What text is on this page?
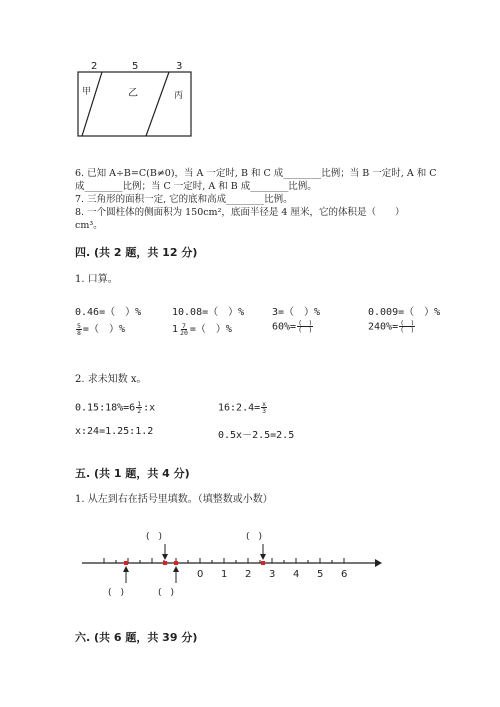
2	5	3
甲	乙	丙
6. 已知 A÷B=C(B≠0)，当 A 一定时, B 和 C 成________比例；当 B 一定时, A 和 C
成________比例；当 C 一定时, A 和 B 成________比例。
7. 三角形的面积一定, 它的底和高成________比例。
8. 一个圆柱体的侧面积为 150cm²，底面半径是 4 厘米，它的体积是（　　）
cm³。
四. (共 2 题，共 12 分)
1. 口算。
0.46=（　）%	10.08=（　）%	3=（　）%	0.009=（　）%
$\frac{5}{8}$ =（　）%	$1 \frac{7}{20}$ =（　）%	$60\%= \frac{( )}{( )}$	$240\%= \frac{( )}{( )}$
2. 求未知数 x。
0.15:18%=6 $\frac{1}{2}$ :x	16:2.4= $\frac{x}{3}$
x:24=1.25:1.2	0.5x－2.5=2.5
五. (共 1 题，共 4 分)
1. 从左到右在括号里填数。（填整数或小数）
0 1 2 3 4 5 6
(　)	(　)
(　)	(　)
六. (共 6 题，共 39 分)
